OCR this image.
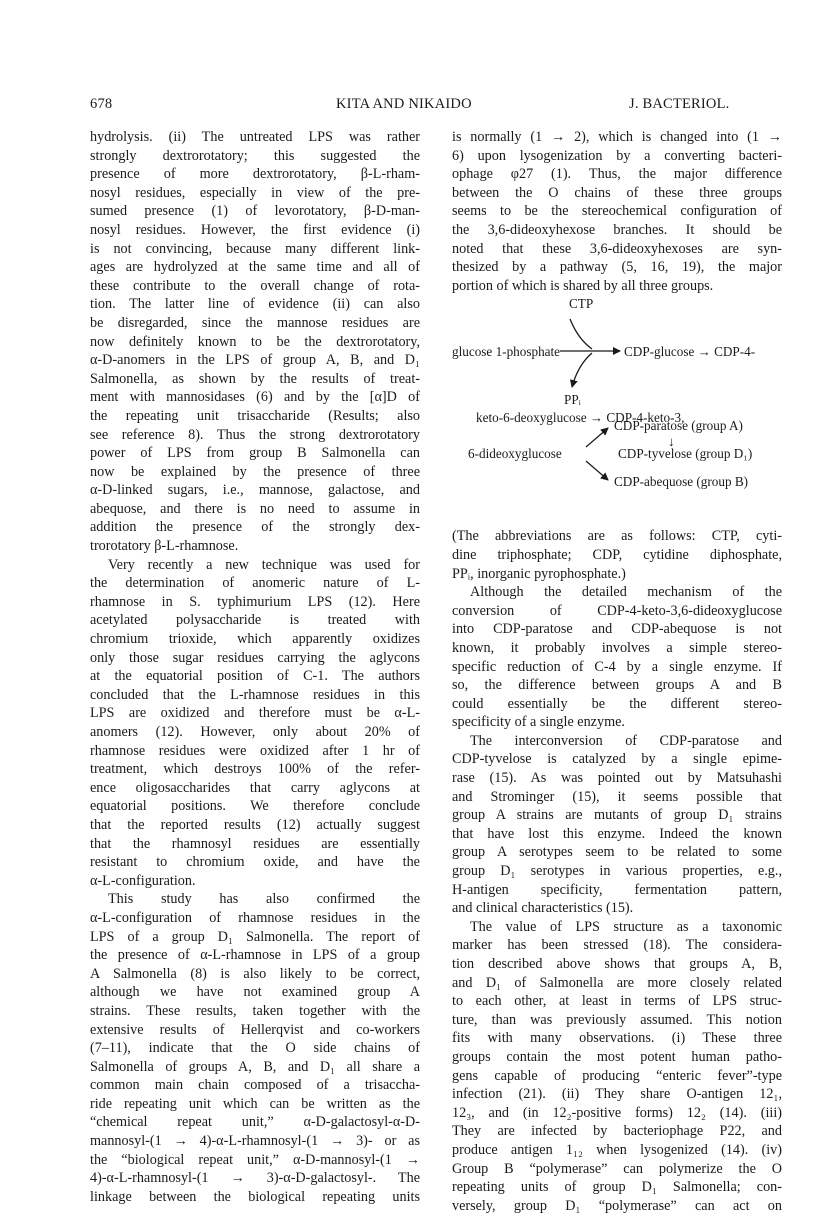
678	KITA AND NIKAIDO	J. BACTERIOL.
hydrolysis. (ii) The untreated LPS was rather
strongly dextrorotatory; this suggested the
presence of more dextrorotatory, β-L-rham-
nosyl residues, especially in view of the pre-
sumed presence (1) of levorotatory, β-D-man-
nosyl residues. However, the first evidence (i)
is not convincing, because many different link-
ages are hydrolyzed at the same time and all of
these contribute to the overall change of rota-
tion. The latter line of evidence (ii) can also
be disregarded, since the mannose residues are
now definitely known to be the dextrorotatory,
α-D-anomers in the LPS of group A, B, and D₁
Salmonella, as shown by the results of treat-
ment with mannosidases (6) and by the [α]D of
the repeating unit trisaccharide (Results; also
see reference 8). Thus the strong dextrorotatory
power of LPS from group B Salmonella can
now be explained by the presence of three
α-D-linked sugars, i.e., mannose, galactose, and
abequose, and there is no need to assume in
addition the presence of the strongly dex-
trorotatory β-L-rhamnose.
Very recently a new technique was used for
the determination of anomeric nature of L-
rhamnose in S. typhimurium LPS (12). Here
acetylated polysaccharide is treated with
chromium trioxide, which apparently oxidizes
only those sugar residues carrying the aglycons
at the equatorial position of C-1. The authors
concluded that the L-rhamnose residues in this
LPS are oxidized and therefore must be α-L-
anomers (12). However, only about 20% of
rhamnose residues were oxidized after 1 hr of
treatment, which destroys 100% of the refer-
ence oligosaccharides that carry aglycons at
equatorial positions. We therefore conclude
that the reported results (12) actually suggest
that the rhamnosyl residues are essentially
resistant to chromium oxide, and have the
α-L-configuration.
This study has also confirmed the
α-L-configuration of rhamnose residues in the
LPS of a group D₁ Salmonella. The report of
the presence of α-L-rhamnose in LPS of a group
A Salmonella (8) is also likely to be correct,
although we have not examined group A
strains. These results, taken together with the
extensive results of Hellerqvist and co-workers
(7–11), indicate that the O side chains of
Salmonella of groups A, B, and D₁ all share a
common main chain composed of a trisaccha-
ride repeating unit which can be written as the
“chemical repeat unit,” α-D-galactosyl-α-D-
mannosyl-(1 → 4)-α-L-rhamnosyl-(1 → 3)- or as
the “biological repeat unit,” α-D-mannosyl-(1 →
4)-α-L-rhamnosyl-(1 → 3)-α-D-galactosyl-. The
linkage between the biological repeating units
is normally (1 → 2), which is changed into (1 →
6) upon lysogenization by a converting bacteri-
ophage φ27 (1). Thus, the major difference
between the O chains of these three groups
seems to be the stereochemical configuration of
the 3,6-dideoxyhexose branches. It should be
noted that these 3,6-dideoxyhexoses are syn-
thesized by a pathway (5, 16, 19), the major
portion of which is shared by all three groups.
CTP
glucose 1-phosphate	CDP-glucose → CDP-4-
PPᵢ
keto-6-deoxyglucose → CDP-4-keto-3,
CDP-paratose (group A)
↓
6-dideoxyglucose	CDP-tyvelose (group D₁)
CDP-abequose (group B)
(The abbreviations are as follows: CTP, cyti-
dine triphosphate; CDP, cytidine diphosphate,
PPᵢ, inorganic pyrophosphate.)
Although the detailed mechanism of the
conversion of CDP-4-keto-3,6-dideoxyglucose
into CDP-paratose and CDP-abequose is not
known, it probably involves a simple stereo-
specific reduction of C-4 by a single enzyme. If
so, the difference between groups A and B
could essentially be the different stereo-
specificity of a single enzyme.
The interconversion of CDP-paratose and
CDP-tyvelose is catalyzed by a single epime-
rase (15). As was pointed out by Matsuhashi
and Strominger (15), it seems possible that
group A strains are mutants of group D₁ strains
that have lost this enzyme. Indeed the known
group A serotypes seem to be related to some
group D₁ serotypes in various properties, e.g.,
H-antigen specificity, fermentation pattern,
and clinical characteristics (15).
The value of LPS structure as a taxonomic
marker has been stressed (18). The considera-
tion described above shows that groups A, B,
and D₁ of Salmonella are more closely related
to each other, at least in terms of LPS struc-
ture, than was previously assumed. This notion
fits with many observations. (i) These three
groups contain the most potent human patho-
gens capable of producing “enteric fever”-type
infection (21). (ii) They share O-antigen 12₁,
12₃, and (in 12₂-positive forms) 12₂ (14). (iii)
They are infected by bacteriophage P22, and
produce antigen 1₁₂ when lysogenized (14). (iv)
Group B “polymerase” can polymerize the O
repeating units of group D₁ Salmonella; con-
versely, group D₁ “polymerase” can act on
